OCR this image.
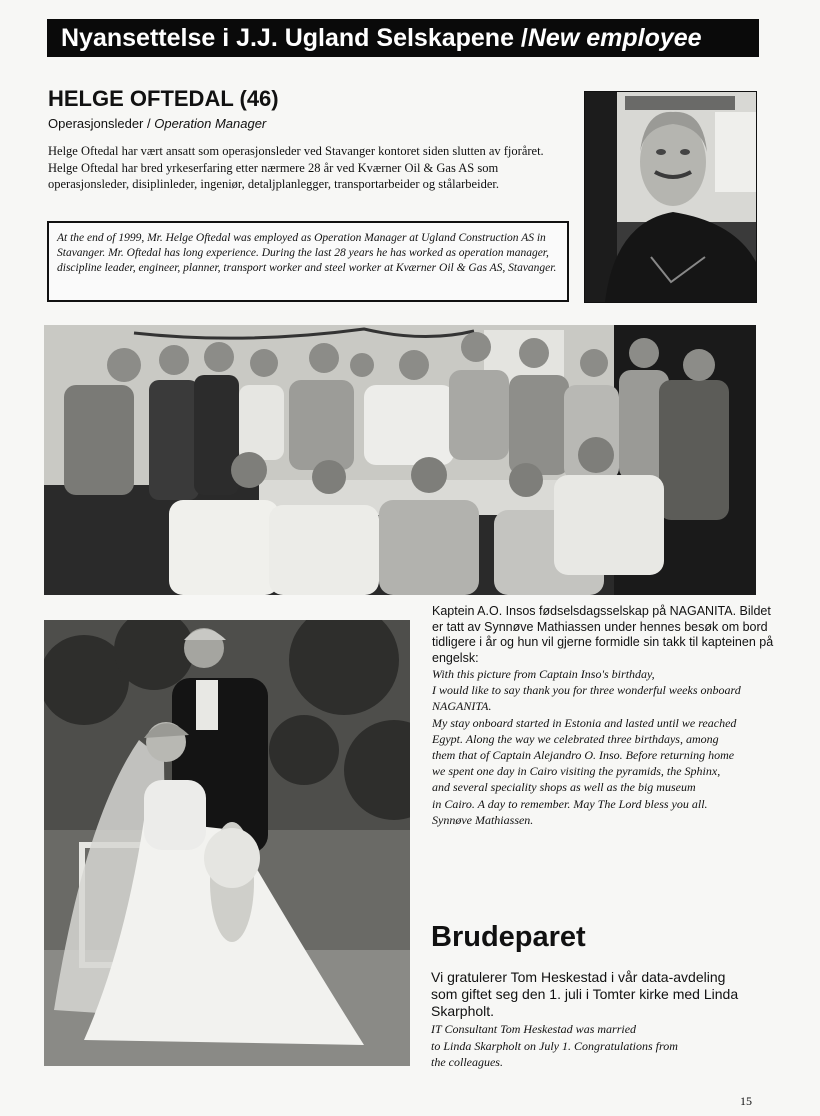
Nyansettelse i J.J. Ugland Selskapene / New employee
HELGE OFTEDAL (46)
Operasjonsleder / Operation Manager
Helge Oftedal har vært ansatt som operasjonsleder ved Stavanger kontoret siden slutten av fjoråret. Helge Oftedal har bred yrkeserfaring etter nærmere 28 år ved Kværner Oil & Gas AS som operasjonsleder, disiplinleder, ingeniør, detaljplanlegger, transportarbeider og stålarbeider.
At the end of 1999, Mr. Helge Oftedal was employed as Operation Manager at Ugland Construction AS in Stavanger. Mr. Oftedal has long experience. During the last 28 years he has worked as operation manager, discipline leader, engineer, planner, transport worker and steel worker at Kværner Oil & Gas AS, Stavanger.
Kaptein A.O. Insos fødselsdagsselskap på NAGANITA. Bildet er tatt av Synnøve Mathiassen under hennes besøk om bord tidligere i år og hun vil gjerne formidle sin takk til kapteinen på engelsk:
With this picture from Captain Inso's birthday,
I would like to say thank you for three wonderful weeks onboard
NAGANITA.
My stay onboard started in Estonia and lasted until we reached
Egypt. Along the way we celebrated three birthdays, among
them that of Captain Alejandro O. Inso. Before returning home
we spent one day in Cairo visiting the pyramids, the Sphinx,
and several speciality shops as well as the big museum
in Cairo. A day to remember. May The Lord bless you all.
Synnøve Mathiassen.
Brudeparet
Vi gratulerer Tom Heskestad i vår data-avdeling som giftet seg den 1. juli i Tomter kirke med Linda Skarpholt.
IT Consultant Tom Heskestad was married
to Linda Skarpholt on July 1. Congratulations from
the colleagues.
15
